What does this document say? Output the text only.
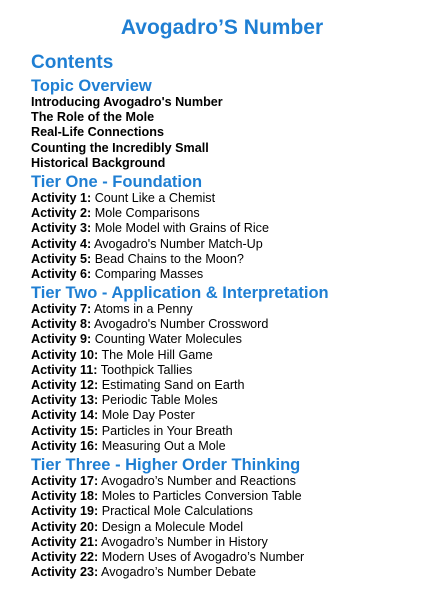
Avogadro’S Number
Contents
Topic Overview
Introducing Avogadro's Number
The Role of the Mole
Real-Life Connections
Counting the Incredibly Small
Historical Background
Tier One - Foundation
Activity 1: Count Like a Chemist
Activity 2: Mole Comparisons
Activity 3: Mole Model with Grains of Rice
Activity 4: Avogadro's Number Match-Up
Activity 5: Bead Chains to the Moon?
Activity 6: Comparing Masses
Tier Two - Application & Interpretation
Activity 7: Atoms in a Penny
Activity 8: Avogadro's Number Crossword
Activity 9: Counting Water Molecules
Activity 10: The Mole Hill Game
Activity 11: Toothpick Tallies
Activity 12: Estimating Sand on Earth
Activity 13: Periodic Table Moles
Activity 14: Mole Day Poster
Activity 15: Particles in Your Breath
Activity 16: Measuring Out a Mole
Tier Three - Higher Order Thinking
Activity 17: Avogadro’s Number and Reactions
Activity 18: Moles to Particles Conversion Table
Activity 19: Practical Mole Calculations
Activity 20: Design a Molecule Model
Activity 21: Avogadro’s Number in History
Activity 22: Modern Uses of Avogadro’s Number
Activity 23: Avogadro’s Number Debate
